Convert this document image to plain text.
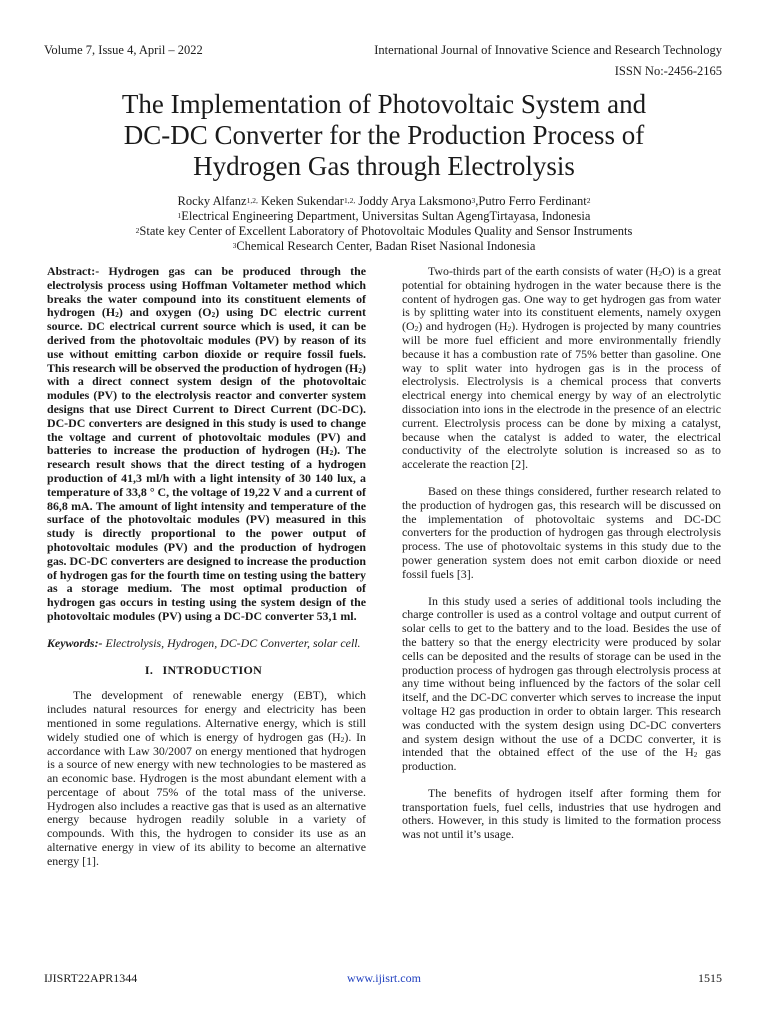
Volume 7, Issue 4, April – 2022	International Journal of Innovative Science and Research Technology
ISSN No:-2456-2165
The Implementation of Photovoltaic System and
DC-DC Converter for the Production Process of
Hydrogen Gas through Electrolysis
Rocky Alfanz$^{1,2,}$ Keken Sukendar$^{1,2,}$ Joddy Arya Laksmono$^3$,Putro Ferro Ferdinant$^2$
$^1$Electrical Engineering Department, Universitas Sultan AgengTirtayasa, Indonesia
$^2$State key Center of Excellent Laboratory of Photovoltaic Modules Quality and Sensor Instruments
$^3$Chemical Research Center, Badan Riset Nasional Indonesia

Abstract:- Hydrogen gas can be produced through the electrolysis process using Hoffman Voltameter method which breaks the water compound into its constituent elements of hydrogen $(H_2)$ and oxygen $(O_2)$ using DC electric current source. DC electrical current source which is used, it can be derived from the photovoltaic modules (PV) by reason of its use without emitting carbon dioxide or require fossil fuels. This research will be observed the production of hydrogen $(H_2)$ with a direct connect system design of the photovoltaic modules (PV) to the electrolysis reactor and converter system designs that use Direct Current to Direct Current (DC-DC). DC-DC converters are designed in this study is used to change the voltage and current of photovoltaic modules (PV) and batteries to increase the production of hydrogen $(H_2)$. The research result shows that the direct testing of a hydrogen production of 41,3 ml/h with a light intensity of 30 140 lux, a temperature of 33,8 ° C, the voltage of 19,22 V and a current of 86,8 mA. The amount of light intensity and temperature of the surface of the photovoltaic modules (PV) measured in this study is directly proportional to the power output of photovoltaic modules (PV) and the production of hydrogen gas. DC-DC converters are designed to increase the production of hydrogen gas for the fourth time on testing using the battery as a storage medium. The most optimal production of hydrogen gas occurs in testing using the system design of the photovoltaic modules (PV) using a DC-DC converter 53,1 ml.

Keywords:- Electrolysis, Hydrogen, DC-DC Converter, solar cell.

I. INTRODUCTION

The development of renewable energy (EBT), which includes natural resources for energy and electricity has been mentioned in some regulations. Alternative energy, which is still widely studied one of which is energy of hydrogen gas $(H_2)$. In accordance with Law 30/2007 on energy mentioned that hydrogen is a source of new energy with new technologies to be mastered as an economic base. Hydrogen is the most abundant element with a percentage of about 75% of the total mass of the universe. Hydrogen also includes a reactive gas that is used as an alternative energy because hydrogen readily soluble in a variety of compounds. With this, the hydrogen to consider its use as an alternative energy in view of its ability to become an alternative energy [1].

Two-thirds part of the earth consists of water $(H_2O)$ is a great potential for obtaining hydrogen in the water because there is the content of hydrogen gas. One way to get hydrogen gas from water is by splitting water into its constituent elements, namely oxygen $(O_2)$ and hydrogen $(H_2)$. Hydrogen is projected by many countries will be more fuel efficient and more environmentally friendly because it has a combustion rate of 75% better than gasoline. One way to split water into hydrogen gas is in the process of electrolysis. Electrolysis is a chemical process that converts electrical energy into chemical energy by way of an electrolytic dissociation into ions in the electrode in the presence of an electric current. Electrolysis process can be done by mixing a catalyst, because when the catalyst is added to water, the electrical conductivity of the electrolyte solution is increased so as to accelerate the reaction [2].

Based on these things considered, further research related to the production of hydrogen gas, this research will be discussed on the implementation of photovoltaic systems and DC-DC converters for the production of hydrogen gas through electrolysis process. The use of photovoltaic systems in this study due to the power generation system does not emit carbon dioxide or need fossil fuels [3].

In this study used a series of additional tools including the charge controller is used as a control voltage and output current of solar cells to get to the battery and to the load. Besides the use of the battery so that the energy electricity were produced by solar cells can be deposited and the results of storage can be used in the production process of hydrogen gas through electrolysis process at any time without being influenced by the factors of the solar cell itself, and the DC-DC converter which serves to increase the input voltage H2 gas production in order to obtain larger. This research was conducted with the system design using DC-DC converters and system design without the use of a DCDC converter, it is intended that the obtained effect of the use of the $H_2$ gas production.

The benefits of hydrogen itself after forming them for transportation fuels, fuel cells, industries that use hydrogen and others. However, in this study is limited to the formation process was not until it’s usage.

IJISRT22APR1344	www.ijisrt.com	1515
